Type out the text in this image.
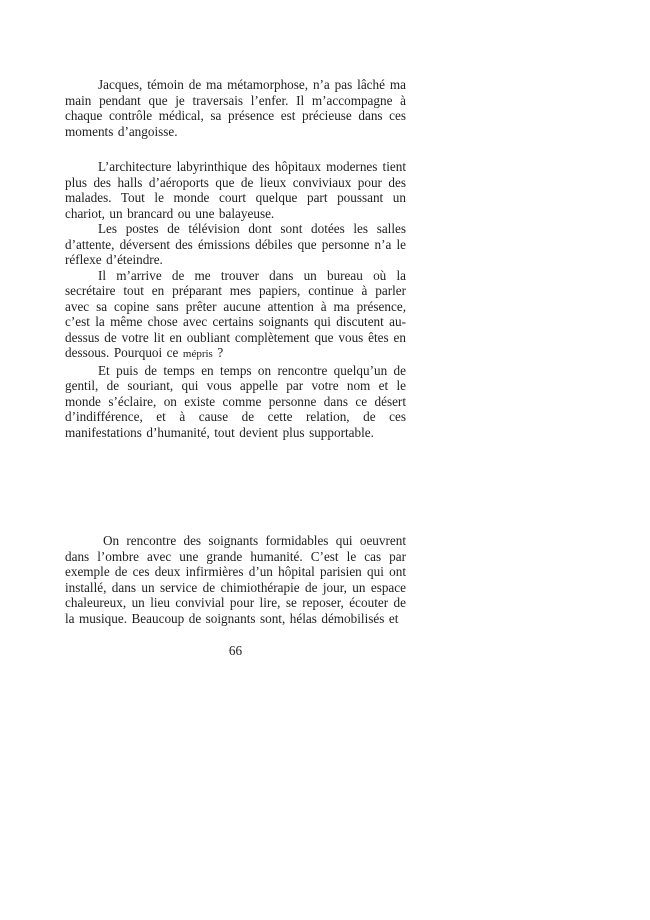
Jacques, témoin de ma métamorphose, n’a pas lâché ma main pendant que je traversais l’enfer. Il m’accompagne à chaque contrôle médical, sa présence est précieuse dans ces moments d’angoisse.

L’architecture labyrinthique des hôpitaux modernes tient plus des halls d’aéroports que de lieux conviviaux pour des malades. Tout le monde court quelque part poussant un chariot, un brancard ou une balayeuse.

Les postes de télévision dont sont dotées les salles d’attente, déversent des émissions débiles que personne n’a le réflexe d’éteindre.

Il m’arrive de me trouver dans un bureau où la secrétaire tout en préparant mes papiers, continue à parler avec sa copine sans prêter aucune attention à ma présence, c’est la même chose avec certains soignants qui discutent au-dessus de votre lit en oubliant complètement que vous êtes en dessous. Pourquoi ce mépris ?

Et puis de temps en temps on rencontre quelqu’un de gentil, de souriant, qui vous appelle par votre nom et le monde s’éclaire, on existe comme personne dans ce désert d’indifférence, et à cause de cette relation, de ces manifestations d’humanité, tout devient plus supportable.

On rencontre des soignants formidables qui oeuvrent dans l’ombre avec une grande humanité. C’est le cas par exemple de ces deux infirmières d’un hôpital parisien qui ont installé, dans un service de chimiothérapie de jour, un espace chaleureux, un lieu convivial pour lire, se reposer, écouter de la musique. Beaucoup de soignants sont, hélas démobilisés et

66
